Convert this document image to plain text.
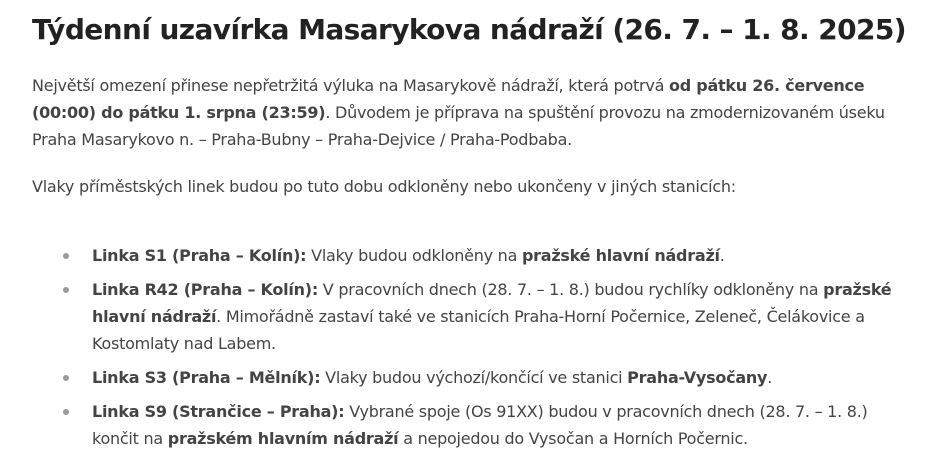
Týdenní uzavírka Masarykova nádraží (26. 7. – 1. 8. 2025)

Největší omezení přinese nepřetržitá výluka na Masarykově nádraží, která potrvá od pátku 26. července (00:00) do pátku 1. srpna (23:59). Důvodem je příprava na spuštění provozu na zmodernizovaném úseku Praha Masarykovo n. – Praha-Bubny – Praha-Dejvice / Praha-Podbaba.

Vlaky příměstských linek budou po tuto dobu odkloněny nebo ukončeny v jiných stanicích:

Linka S1 (Praha – Kolín): Vlaky budou odkloněny na pražské hlavní nádraží.
Linka R42 (Praha – Kolín): V pracovních dnech (28. 7. – 1. 8.) budou rychlíky odkloněny na pražské hlavní nádraží. Mimořádně zastaví také ve stanicích Praha-Horní Počernice, Zeleneč, Čelákovice a Kostomlaty nad Labem.
Linka S3 (Praha – Mělník): Vlaky budou výchozí/končící ve stanici Praha-Vysočany.
Linka S9 (Strančice – Praha): Vybrané spoje (Os 91XX) budou v pracovních dnech (28. 7. – 1. 8.) končit na pražském hlavním nádraží a nepojedou do Vysočan a Horních Počernic.
